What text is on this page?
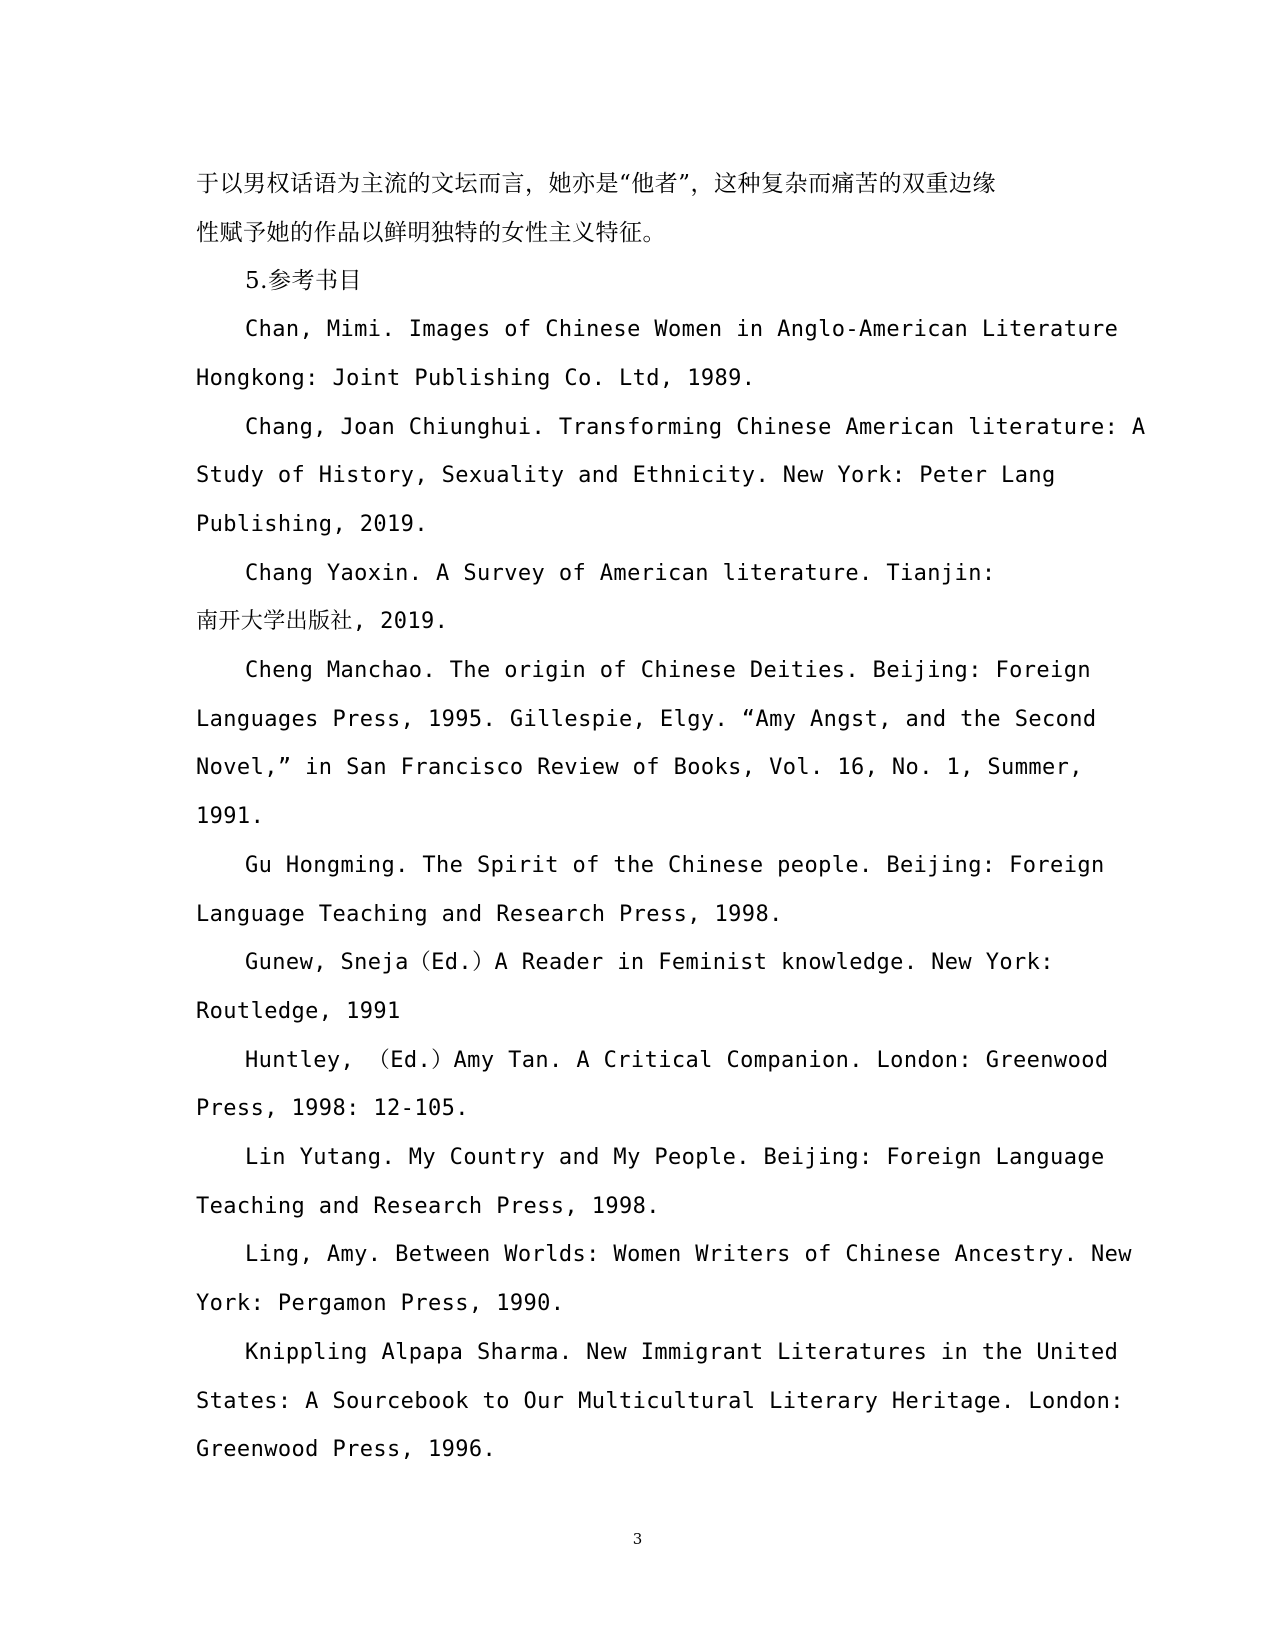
于以男权话语为主流的文坛而言，她亦是“他者”，这种复杂而痛苦的双重边缘

性赋予她的作品以鲜明独特的女性主义特征。

5.参考书目

Chan, Mimi. Images of Chinese Women in Anglo-American Literature
Hongkong: Joint Publishing Co. Ltd, 1989.

Chang, Joan Chiunghui. Transforming Chinese American literature: A
Study of History, Sexuality and Ethnicity. New York: Peter Lang
Publishing, 2019.

Chang Yaoxin. A Survey of American literature. Tianjin:
南开大学出版社, 2019.

Cheng Manchao. The origin of Chinese Deities. Beijing: Foreign
Languages Press, 1995. Gillespie, Elgy. “Amy Angst, and the Second
Novel,” in San Francisco Review of Books, Vol. 16, No. 1, Summer,
1991.

Gu Hongming. The Spirit of the Chinese people. Beijing: Foreign
Language Teaching and Research Press, 1998.

Gunew, Sneja（Ed.）A Reader in Feminist knowledge. New York:
Routledge, 1991

Huntley, （Ed.）Amy Tan. A Critical Companion. London: Greenwood
Press, 1998: 12-105.

Lin Yutang. My Country and My People. Beijing: Foreign Language
Teaching and Research Press, 1998.

Ling, Amy. Between Worlds: Women Writers of Chinese Ancestry. New
York: Pergamon Press, 1990.

Knippling Alpapa Sharma. New Immigrant Literatures in the United
States: A Sourcebook to Our Multicultural Literary Heritage. London:
Greenwood Press, 1996.

3
